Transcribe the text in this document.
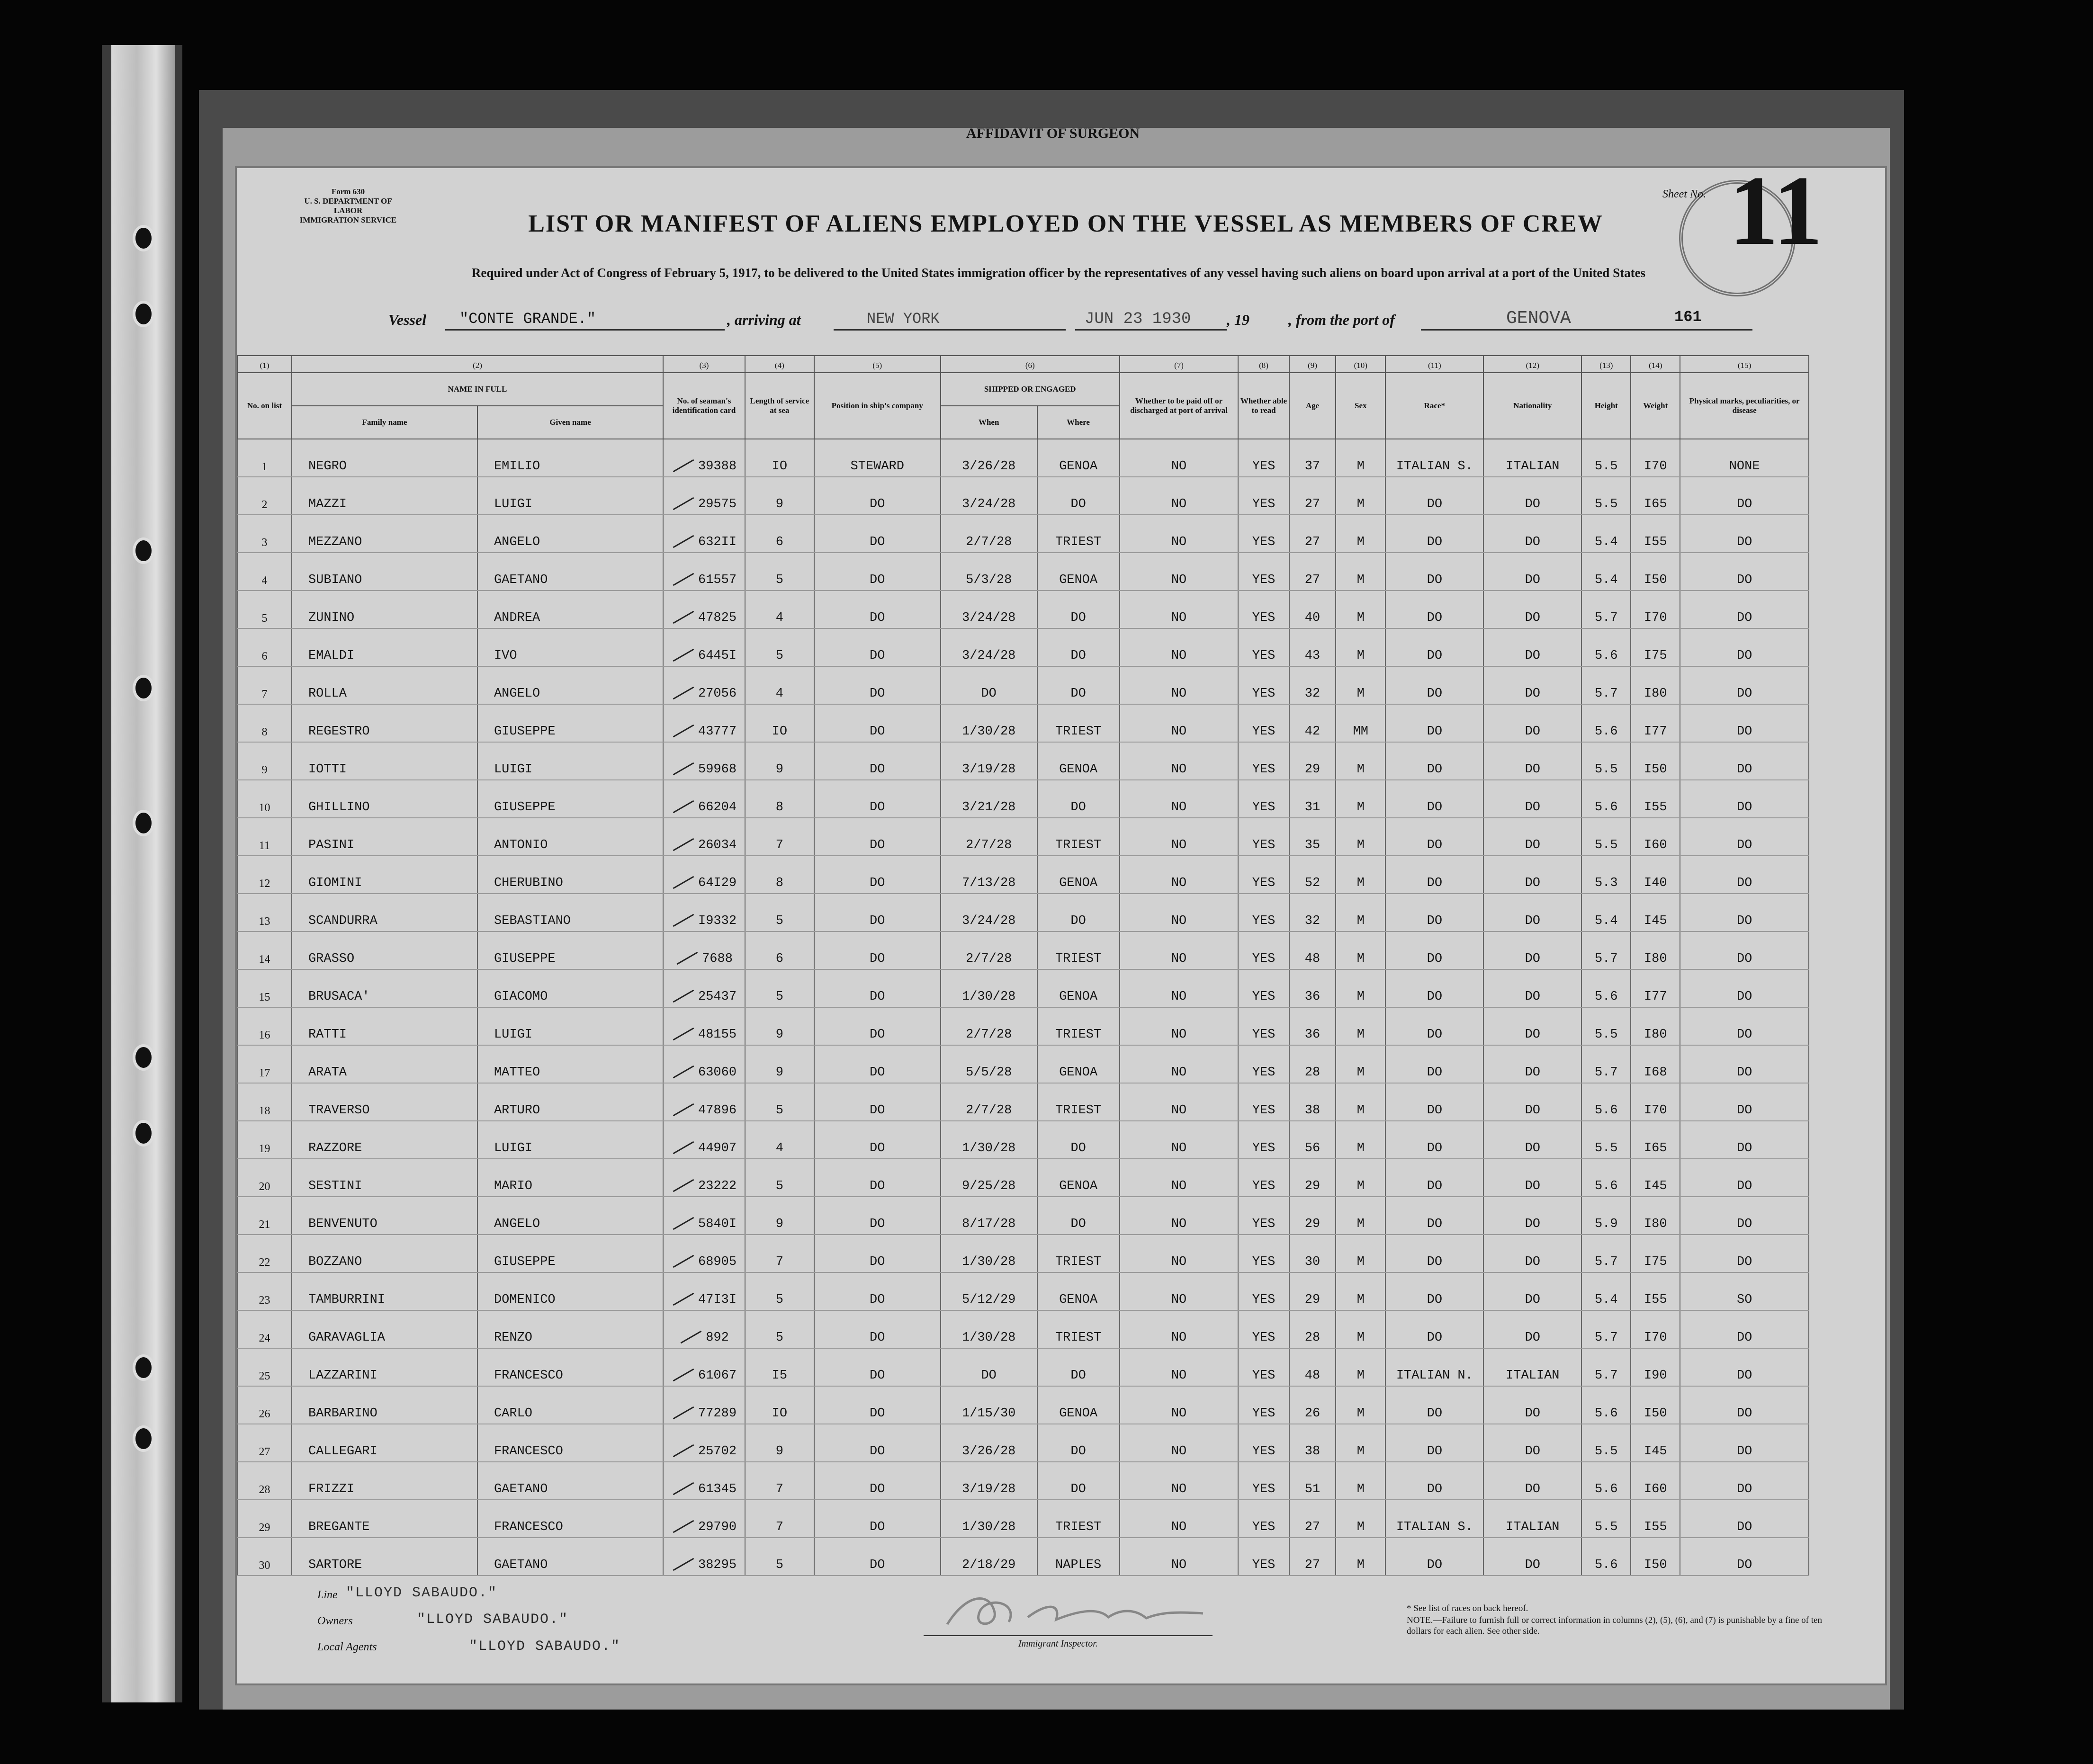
AFFIDAVIT OF SURGEON
Form 630
U. S. DEPARTMENT OF LABOR
IMMIGRATION SERVICE	LIST OR MANIFEST OF ALIENS EMPLOYED ON THE VESSEL AS MEMBERS OF CREW
Required under Act of Congress of February 5, 1917, to be delivered to the United States immigration officer by the representatives of any vessel having such aliens on board upon arrival at a port of the United States
Sheet No. 11
Vessel "CONTE GRANDE."	, arriving at	NEW YORK	JUN 23 1930 , 19	, from the port of	GENOVA	161
(1)	(2)		(3)	(4)	(5)	(6)		(7)	(8)	(9)	(10)	(11)	(12)	(13)	(14)	(15)
No. on list	NAME IN FULL		No. of seaman's identification card	Length of service at sea	Position in ship's company	SHIPPED OR ENGAGED		Whether to be paid off or discharged at port of arrival	Whether able to read	Age	Sex	Race*	Nationality	Height	Weight	Physical marks, peculiarities, or disease
	Family name	Given name				When	Where									
1	NEGRO	EMILIO	39388	IO	STEWARD	3/26/28	GENOA	NO	YES	37	M	ITALIAN S.	ITALIAN	5.5	I70	NONE
2	MAZZI	LUIGI	29575	9	DO	3/24/28	DO	NO	YES	27	M	DO	DO	5.5	I65	DO
3	MEZZANO	ANGELO	632II	6	DO	2/7/28	TRIEST	NO	YES	27	M	DO	DO	5.4	I55	DO
4	SUBIANO	GAETANO	61557	5	DO	5/3/28	GENOA	NO	YES	27	M	DO	DO	5.4	I50	DO
5	ZUNINO	ANDREA	47825	4	DO	3/24/28	DO	NO	YES	40	M	DO	DO	5.7	I70	DO
6	EMALDI	IVO	6445I	5	DO	3/24/28	DO	NO	YES	43	M	DO	DO	5.6	I75	DO
7	ROLLA	ANGELO	27056	4	DO	DO	DO	NO	YES	32	M	DO	DO	5.7	I80	DO
8	REGESTRO	GIUSEPPE	43777	IO	DO	1/30/28	TRIEST	NO	YES	42	MM	DO	DO	5.6	I77	DO
9	IOTTI	LUIGI	59968	9	DO	3/19/28	GENOA	NO	YES	29	M	DO	DO	5.5	I50	DO
10	GHILLINO	GIUSEPPE	66204	8	DO	3/21/28	DO	NO	YES	31	M	DO	DO	5.6	I55	DO
11	PASINI	ANTONIO	26034	7	DO	2/7/28	TRIEST	NO	YES	35	M	DO	DO	5.5	I60	DO
12	GIOMINI	CHERUBINO	64I29	8	DO	7/13/28	GENOA	NO	YES	52	M	DO	DO	5.3	I40	DO
13	SCANDURRA	SEBASTIANO	I9332	5	DO	3/24/28	DO	NO	YES	32	M	DO	DO	5.4	I45	DO
14	GRASSO	GIUSEPPE	7688	6	DO	2/7/28	TRIEST	NO	YES	48	M	DO	DO	5.7	I80	DO
15	BRUSACA'	GIACOMO	25437	5	DO	1/30/28	GENOA	NO	YES	36	M	DO	DO	5.6	I77	DO
16	RATTI	LUIGI	48155	9	DO	2/7/28	TRIEST	NO	YES	36	M	DO	DO	5.5	I80	DO
17	ARATA	MATTEO	63060	9	DO	5/5/28	GENOA	NO	YES	28	M	DO	DO	5.7	I68	DO
18	TRAVERSO	ARTURO	47896	5	DO	2/7/28	TRIEST	NO	YES	38	M	DO	DO	5.6	I70	DO
19	RAZZORE	LUIGI	44907	4	DO	1/30/28	DO	NO	YES	56	M	DO	DO	5.5	I65	DO
20	SESTINI	MARIO	23222	5	DO	9/25/28	GENOA	NO	YES	29	M	DO	DO	5.6	I45	DO
21	BENVENUTO	ANGELO	5840I	9	DO	8/17/28	DO	NO	YES	29	M	DO	DO	5.9	I80	DO
22	BOZZANO	GIUSEPPE	68905	7	DO	1/30/28	TRIEST	NO	YES	30	M	DO	DO	5.7	I75	DO
23	TAMBURRINI	DOMENICO	47I3I	5	DO	5/12/29	GENOA	NO	YES	29	M	DO	DO	5.4	I55	SO
24	GARAVAGLIA	RENZO	892	5	DO	1/30/28	TRIEST	NO	YES	28	M	DO	DO	5.7	I70	DO
25	LAZZARINI	FRANCESCO	61067	I5	DO	DO	DO	NO	YES	48	M	ITALIAN N.	ITALIAN	5.7	I90	DO
26	BARBARINO	CARLO	77289	IO	DO	1/15/30	GENOA	NO	YES	26	M	DO	DO	5.6	I50	DO
27	CALLEGARI	FRANCESCO	25702	9	DO	3/26/28	DO	NO	YES	38	M	DO	DO	5.5	I45	DO
28	FRIZZI	GAETANO	61345	7	DO	3/19/28	DO	NO	YES	51	M	DO	DO	5.6	I60	DO
29	BREGANTE	FRANCESCO	29790	7	DO	1/30/28	TRIEST	NO	YES	27	M	ITALIAN S.	ITALIAN	5.5	I55	DO
30	SARTORE	GAETANO	38295	5	DO	2/18/29	NAPLES	NO	YES	27	M	DO	DO	5.6	I50	DO
Line "LLOYD SABAUDO."
Owners	"LLOYD SABAUDO."
Local Agents	"LLOYD SABAUDO."	Immigrant Inspector.
* See list of races on back hereof.
NOTE.—Failure to furnish full or correct information in columns (2), (5), (6), and (7) is punishable by a fine of ten dollars for each alien. See other side.
